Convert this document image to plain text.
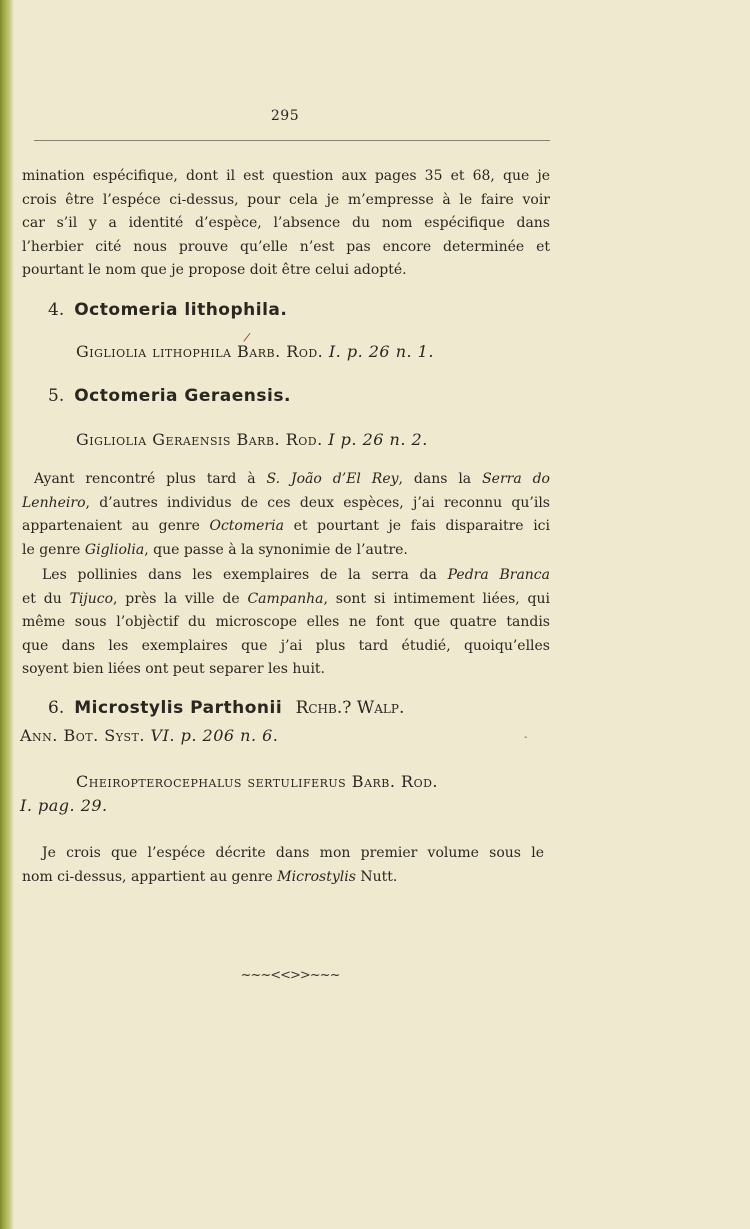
295
mination espécifique, dont il est question aux pages 35 et 68, que je
crois être l’espéce ci-dessus, pour cela je m’empresse à le faire voir
car s’il y a identité d’espèce, l’absence du nom espécifique dans
l’herbier cité nous prouve qu’elle n’est pas encore determinée et
pourtant le nom que je propose doit être celui adopté.
4. Octomeria lithophila.
/
Gigliolia lithophila Barb. Rod. I. p. 26 n. 1.
5. Octomeria Geraensis.
Gigliolia Geraensis Barb. Rod. I p. 26 n. 2.
Ayant rencontré plus tard à S. João d’El Rey, dans la Serra do
Lenheiro, d’autres individus de ces deux espèces, j’ai reconnu qu’ils
appartenaient au genre Octomeria et pourtant je fais disparaitre ici
le genre Gigliolia, que passe à la synonimie de l’autre.
Les pollinies dans les exemplaires de la serra da Pedra Branca
et du Tijuco, près la ville de Campanha, sont si intimement liées, qui
même sous l’objèctif du microscope elles ne font que quatre tandis
que dans les exemplaires que j’ai plus tard étudié, quoiqu’elles
soyent bien liées ont peut separer les huit.
6. Microstylis Parthonii Rchb.? Walp.
Ann. Bot. Syst. VI. p. 206 n. 6.	-
Cheiropterocephalus sertuliferus Barb. Rod.
I. pag. 29.
Je crois que l’espéce décrite dans mon premier volume sous le
nom ci-dessus, appartient au genre Microstylis Nutt.
~~~<<>>~~~
